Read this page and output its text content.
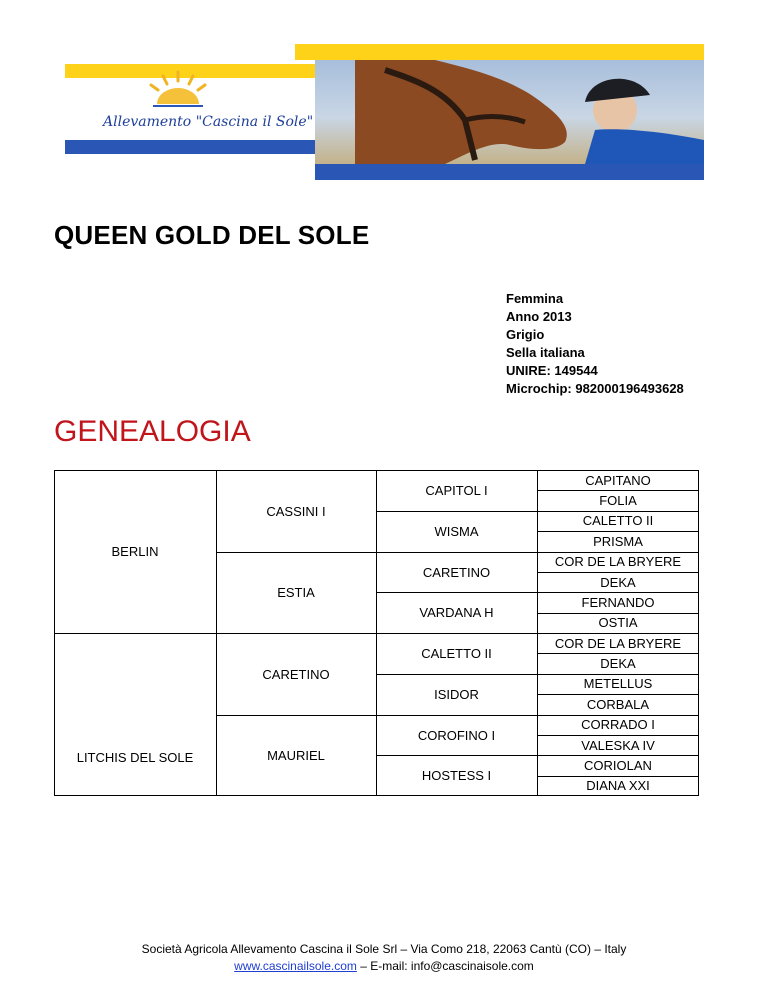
Allevamento "Cascina il Sole"
QUEEN GOLD DEL SOLE
Femmina
Anno 2013
Grigio
Sella italiana
UNIRE: 149544
Microchip: 982000196493628
GENEALOGIA
BERLIN
LITCHIS DEL SOLE
CASSINI I
ESTIA
CARETINO
MAURIEL
CAPITOL I
WISMA
CARETINO
VARDANA H
CALETTO II
ISIDOR
COROFINO I
HOSTESS I
CAPITANO
FOLIA
CALETTO II
PRISMA
COR DE LA BRYERE
DEKA
FERNANDO
OSTIA
COR DE LA BRYERE
DEKA
METELLUS
CORBALA
CORRADO I
VALESKA IV
CORIOLAN
DIANA XXI
Società Agricola Allevamento Cascina il Sole Srl – Via Como 218, 22063 Cantù (CO) – Italy
www.cascinailsole.com – E-mail: info@cascinaisole.com
